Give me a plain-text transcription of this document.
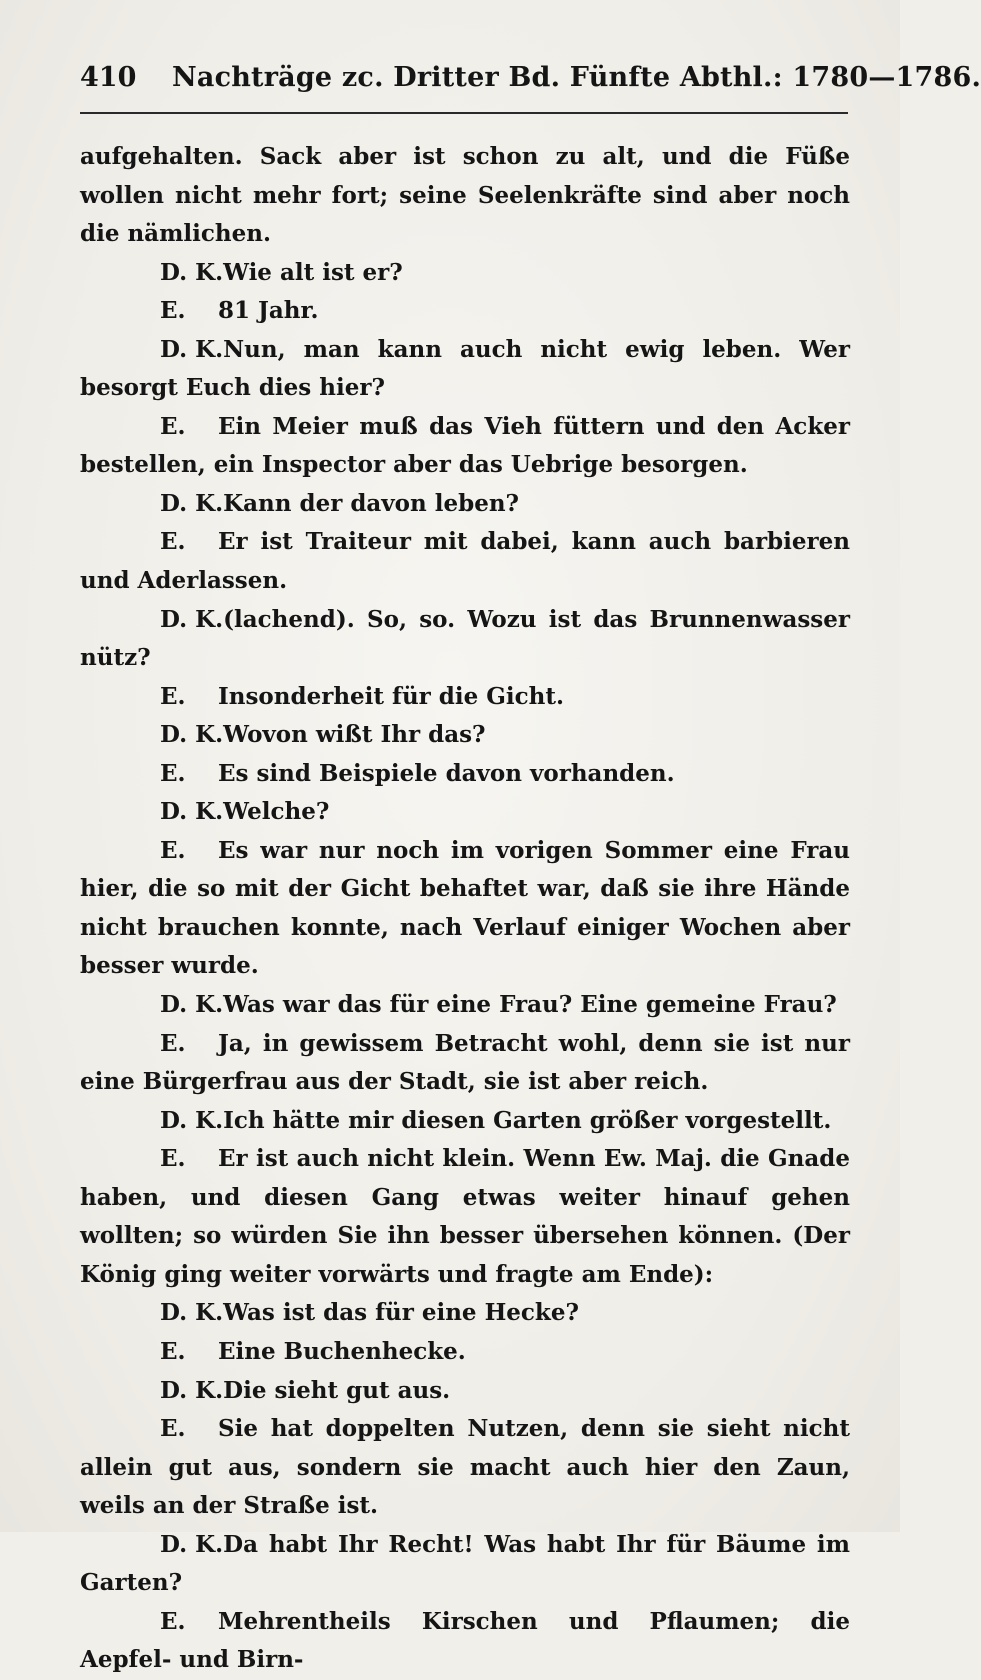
410 Nachträge zc. Dritter Bd. Fünfte Abthl.: 1780—1786.

aufgehalten. Sack aber ist schon zu alt, und die Füße wollen nicht mehr fort; seine Seelenkräfte sind aber noch die nämlichen.

D. K.Wie alt ist er?

E. 81 Jahr.

D. K.Nun, man kann auch nicht ewig leben. Wer besorgt Euch dies hier?

E. Ein Meier muß das Vieh füttern und den Acker bestellen, ein Inspector aber das Uebrige besorgen.

D. K.Kann der davon leben?

E. Er ist Traiteur mit dabei, kann auch barbieren und Aderlassen.

D. K.(lachend). So, so. Wozu ist das Brunnenwasser nütz?

E. Insonderheit für die Gicht.

D. K.Wovon wißt Ihr das?

E. Es sind Beispiele davon vorhanden.

D. K.Welche?

E. Es war nur noch im vorigen Sommer eine Frau hier, die so mit der Gicht behaftet war, daß sie ihre Hände nicht brauchen konnte, nach Verlauf einiger Wochen aber besser wurde.

D. K.Was war das für eine Frau? Eine gemeine Frau?

E. Ja, in gewissem Betracht wohl, denn sie ist nur eine Bürgerfrau aus der Stadt, sie ist aber reich.

D. K.Ich hätte mir diesen Garten größer vorgestellt.

E. Er ist auch nicht klein. Wenn Ew. Maj. die Gnade haben, und diesen Gang etwas weiter hinauf gehen wollten; so würden Sie ihn besser übersehen können. (Der König ging weiter vorwärts und fragte am Ende):

D. K.Was ist das für eine Hecke?

E. Eine Buchenhecke.

D. K.Die sieht gut aus.

E. Sie hat doppelten Nutzen, denn sie sieht nicht allein gut aus, sondern sie macht auch hier den Zaun, weils an der Straße ist.

D. K.Da habt Ihr Recht! Was habt Ihr für Bäume im Garten?

E. Mehrentheils Kirschen und Pflaumen; die Aepfel- und Birn-
